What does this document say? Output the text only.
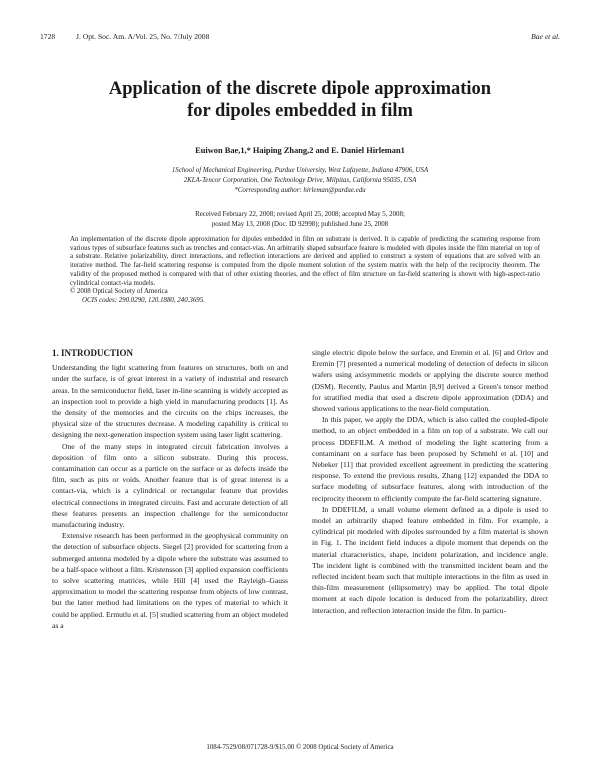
1728	J. Opt. Soc. Am. A/Vol. 25, No. 7/July 2008	Bae et al.
Application of the discrete dipole approximation
for dipoles embedded in film
Euiwon Bae,1,* Haiping Zhang,2 and E. Daniel Hirleman1
1School of Mechanical Engineering, Purdue University, West Lafayette, Indiana 47906, USA
2KLA-Tencor Corporation, One Technology Drive, Milpitas, California 95035, USA
*Corresponding author: hirleman@purdue.edu
Received February 22, 2008; revised April 25, 2008; accepted May 5, 2008;
posted May 13, 2008 (Doc. ID 92998); published June 25, 2008

An implementation of the discrete dipole approximation for dipoles embedded in film on substrate is derived. It is capable of predicting the scattering response from various types of subsurface features such as trenches and contact-vias. An arbitrarily shaped subsurface feature is modeled with dipoles inside the film material on top of a substrate. Relative polarizability, direct interactions, and reflection interactions are derived and applied to construct a system of equations that are solved with an iterative method. The far-field scattering response is computed from the dipole moment solution of the system matrix with the help of the reciprocity theorem. The validity of the proposed method is compared with that of other existing theories, and the effect of film structure on far-field scattering is shown with high-aspect-ratio cylindrical contact-via models.

© 2008 Optical Society of America

OCIS codes: 290.0290, 120.1880, 240.3695.

1. INTRODUCTION

Understanding the light scattering from features on structures, both on and under the surface, is of great interest in a variety of industrial and research areas. In the semiconductor field, laser in-line scanning is widely accepted as an inspection tool to provide a high yield in manufacturing products [1]. As the density of the memories and the circuits on the chips increases, the physical size of the structures decrease. A modeling capability is critical to designing the next-generation inspection system using laser light scattering.

One of the many steps in integrated circuit fabrication involves a deposition of film onto a silicon substrate. During this process, contamination can occur as a particle on the surface or as defects inside the film, such as pits or voids. Another feature that is of great interest is a contact-via, which is a cylindrical or rectangular feature that provides electrical connections in integrated circuits. Fast and accurate detection of all these features presents an inspection challenge for the semiconductor manufacturing industry.

Extensive research has been performed in the geophysical community on the detection of subsurface objects. Siegel [2] provided for scattering from a submerged antenna modeled by a dipole where the substrate was assumed to be a half-space without a film. Kristensson [3] applied expansion coefficients to solve scattering matrices, while Hill [4] used the Rayleigh–Gauss approximation to model the scattering response from objects of low contrast, but the latter method had limitations on the types of material to which it could be applied. Ermutlu et al. [5] studied scattering from an object modeled as a

single electric dipole below the surface, and Eremin et al. [6] and Orlov and Eremin [7] presented a numerical modeling of detection of defects in silicon wafers using axisymmetric models or applying the discrete source method (DSM). Recently, Paulus and Martin [8,9] derived a Green's tensor method for stratified media that used a discrete dipole approximation (DDA) and showed various applications to the near-field computation.

In this paper, we apply the DDA, which is also called the coupled-dipole method, to an object embedded in a film on top of a substrate. We call our process DDEFILM. A method of modeling the light scattering from a contaminant on a surface has been proposed by Schmehl et al. [10] and Nebeker [11] that provided excellent agreement in predicting the scattering response. To extend the previous results, Zhang [12] expanded the DDA to surface modeling of subsurface features, along with introduction of the reciprocity theorem to efficiently compute the far-field scattering signature.

In DDEFILM, a small volume element defined as a dipole is used to model an arbitrarily shaped feature embedded in film. For example, a cylindrical pit modeled with dipoles surrounded by a film material is shown in Fig. 1. The incident field induces a dipole moment that depends on the material characteristics, shape, incident polarization, and incidence angle. The incident light is combined with the transmitted incident beam and the reflected incident beam such that multiple interactions in the film as used in thin-film measurement (ellipsometry) may be applied. The total dipole moment at each dipole location is deduced from the polarizability, direct interaction, and reflection interaction inside the film. In particu-

1084-7529/08/071728-9/$15.00 © 2008 Optical Society of America
